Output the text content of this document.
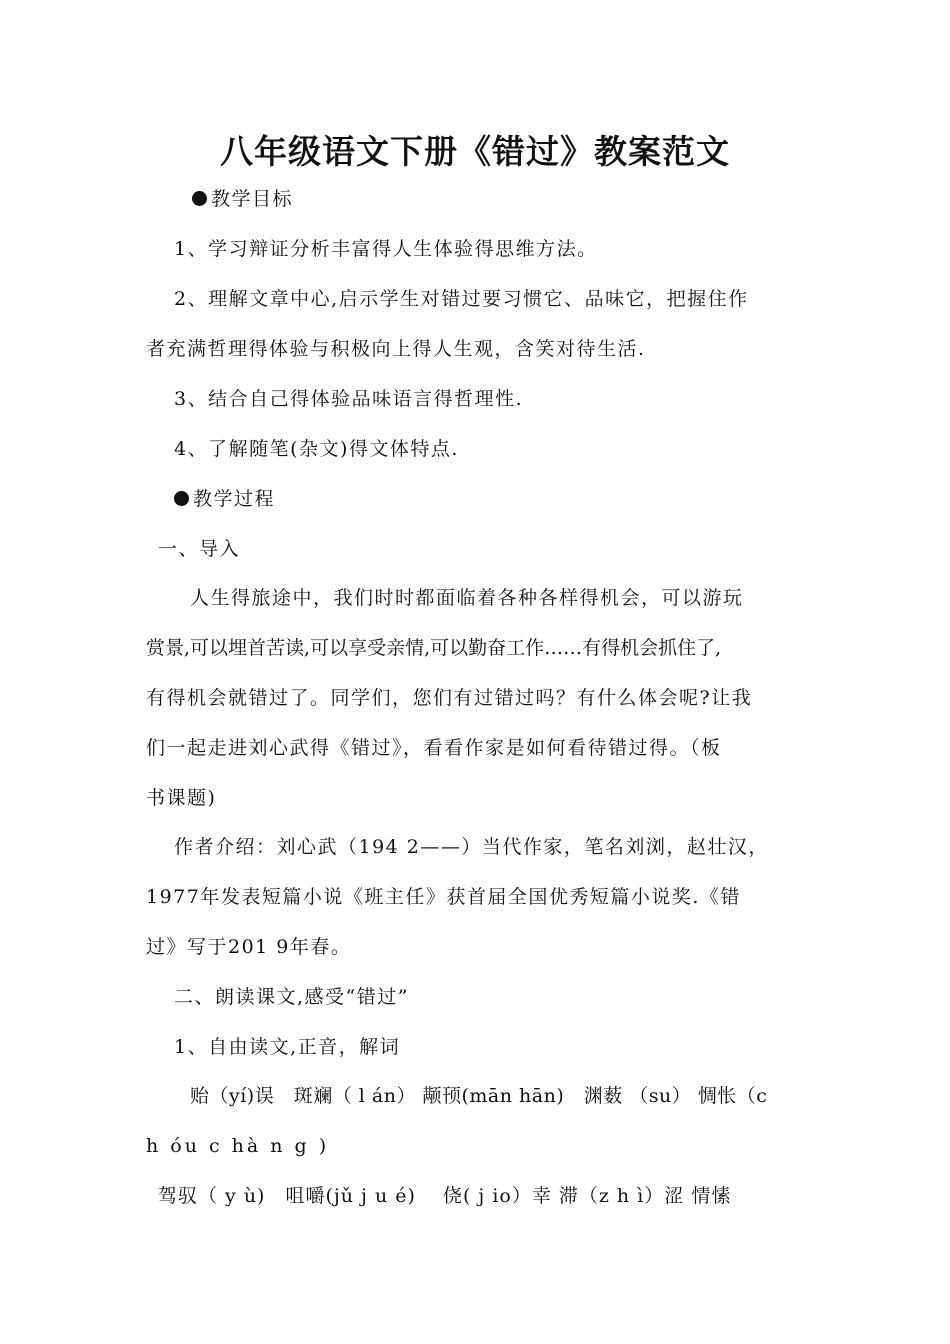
八年级语文下册《错过》教案范文
教学目标
1、学习辩证分析丰富得人生体验得思维方法。
2、理解文章中心,启示学生对错过要习惯它、品味它，把握住作
者充满哲理得体验与积极向上得人生观，含笑对待生活.
3、结合自己得体验品味语言得哲理性.
4、了解随笔(杂文)得文体特点.
教学过程
一、导入
人生得旅途中，我们时时都面临着各种各样得机会，可以游玩
赏景,可以埋首苦读,可以享受亲情,可以勤奋工作……有得机会抓住了,
有得机会就错过了。同学们，您们有过错过吗？有什么体会呢?让我
们一起走进刘心武得《错过》，看看作家是如何看待错过得。（板
书课题)
作者介绍：刘心武（194 2——）当代作家，笔名刘浏，赵壮汉，
1977年发表短篇小说《班主任》获首届全国优秀短篇小说奖.《错
过》写于201 9年春。
二、朗读课文,感受“错过”
1、自由读文,正音，解词
贻（yí)误　斑斓（ l án） 颟顸(mān hān)　渊薮 （su） 惆怅（c
h óu c hà n g )
驾驭（ y ù)　咀嚼(jǔ j u é)　 侥( j io）幸 滞（z h ì）涩 情愫
